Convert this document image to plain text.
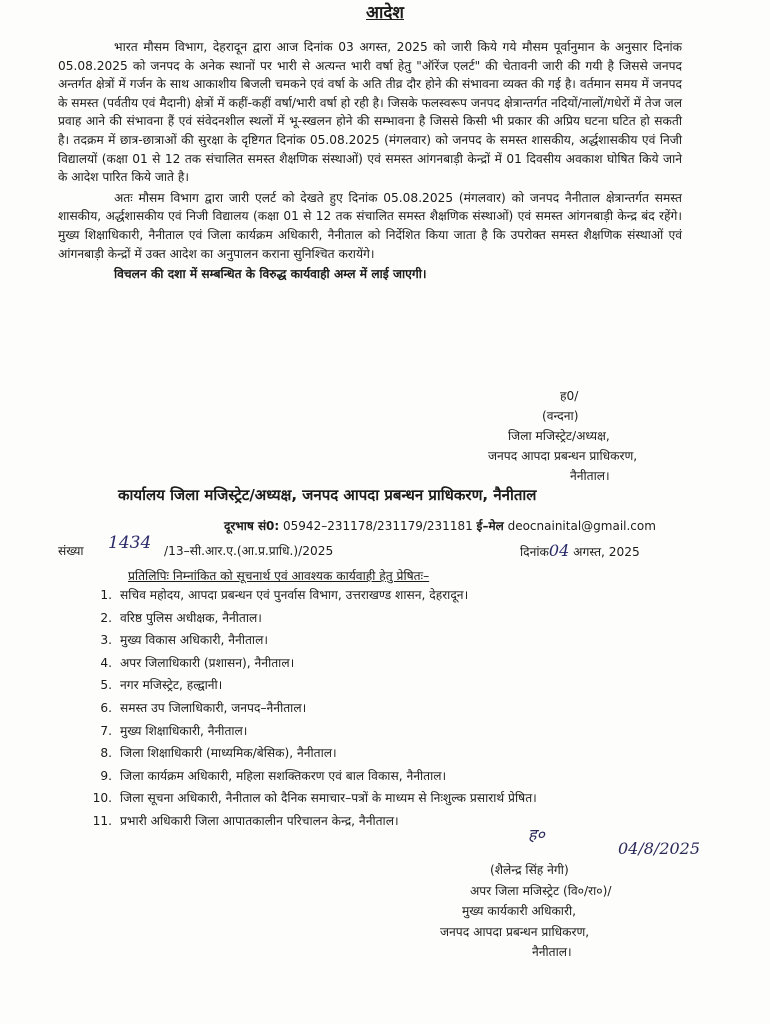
आदेश

भारत मौसम विभाग, देहरादून द्वारा आज दिनांक 03 अगस्त, 2025 को जारी किये गये मौसम पूर्वानुमान के अनुसार दिनांक 05.08.2025 को जनपद के अनेक स्थानों पर भारी से अत्यन्त भारी वर्षा हेतु "ऑरेंज एलर्ट" की चेतावनी जारी की गयी है जिससे जनपद अन्तर्गत क्षेत्रों में गर्जन के साथ आकाशीय बिजली चमकने एवं वर्षा के अति तीव्र दौर होने की संभावना व्यक्त की गई है। वर्तमान समय में जनपद के समस्त (पर्वतीय एवं मैदानी) क्षेत्रों में कहीं-कहीं वर्षा/भारी वर्षा हो रही है। जिसके फलस्वरूप जनपद क्षेत्रान्तर्गत नदियों/नालों/गधेरों में तेज जल प्रवाह आने की संभावना हैं एवं संवेदनशील स्थलों में भू-स्खलन होने की सम्भावना है जिससे किसी भी प्रकार की अप्रिय घटना घटित हो सकती है। तदक्रम में छात्र-छात्राओं की सुरक्षा के दृष्टिगत दिनांक 05.08.2025 (मंगलवार) को जनपद के समस्त शासकीय, अर्द्धशासकीय एवं निजी विद्यालयों (कक्षा 01 से 12 तक संचालित समस्त शैक्षणिक संस्थाओं) एवं समस्त आंगनबाड़ी केन्द्रों में 01 दिवसीय अवकाश घोषित किये जाने के आदेश पारित किये जाते है।

अतः मौसम विभाग द्वारा जारी एलर्ट को देखते हुए दिनांक 05.08.2025 (मंगलवार) को जनपद नैनीताल क्षेत्रान्तर्गत समस्त शासकीय, अर्द्धशासकीय एवं निजी विद्यालय (कक्षा 01 से 12 तक संचालित समस्त शैक्षणिक संस्थाओं) एवं समस्त आंगनबाड़ी केन्द्र बंद रहेंगे। मुख्य शिक्षाधिकारी, नैनीताल एवं जिला कार्यक्रम अधिकारी, नैनीताल को निर्देशित किया जाता है कि उपरोक्त समस्त शैक्षणिक संस्थाओं एवं आंगनबाड़ी केन्द्रों में उक्त आदेश का अनुपालन कराना सुनिश्चित करायेंगे।

विचलन की दशा में सम्बन्धित के विरुद्ध कार्यवाही अम्ल में लाई जाएगी।

ह0/
(वन्दना)
जिला मजिस्ट्रेट/अध्यक्ष,
जनपद आपदा प्रबन्धन प्राधिकरण,
नैनीताल।
कार्यालय जिला मजिस्ट्रेट/अध्यक्ष, जनपद आपदा प्रबन्धन प्राधिकरण, नैनीताल
दूरभाष सं0: 05942–231178/231179/231181 ई–मेल deocnainital@gmail.com
संख्या 1434 /13–सी.आर.ए.(आ.प्र.प्राधि.)/2025	दिनांक04 अगस्त, 2025
प्रतिलिपिः निम्नांकित को सूचनार्थ एवं आवश्यक कार्यवाही हेतु प्रेषितः–
1. सचिव महोदय, आपदा प्रबन्धन एवं पुनर्वास विभाग, उत्तराखण्ड शासन, देहरादून।
2. वरिष्ठ पुलिस अधीक्षक, नैनीताल।
3. मुख्य विकास अधिकारी, नैनीताल।
4. अपर जिलाधिकारी (प्रशासन), नैनीताल।
5. नगर मजिस्ट्रेट, हल्द्वानी।
6. समस्त उप जिलाधिकारी, जनपद–नैनीताल।
7. मुख्य शिक्षाधिकारी, नैनीताल।
8. जिला शिक्षाधिकारी (माध्यमिक/बेसिक), नैनीताल।
9. जिला कार्यक्रम अधिकारी, महिला सशक्तिकरण एवं बाल विकास, नैनीताल।
10. जिला सूचना अधिकारी, नैनीताल को दैनिक समाचार–पत्रों के माध्यम से निःशुल्क प्रसारार्थ प्रेषित।
11. प्रभारी अधिकारी जिला आपातकालीन परिचालन केन्द्र, नैनीताल।
ह०
04/8/2025
(शैलेन्द्र सिंह नेगी)
अपर जिला मजिस्ट्रेट (वि०/रा०)/
मुख्य कार्यकारी अधिकारी,
जनपद आपदा प्रबन्धन प्राधिकरण,
नैनीताल।
